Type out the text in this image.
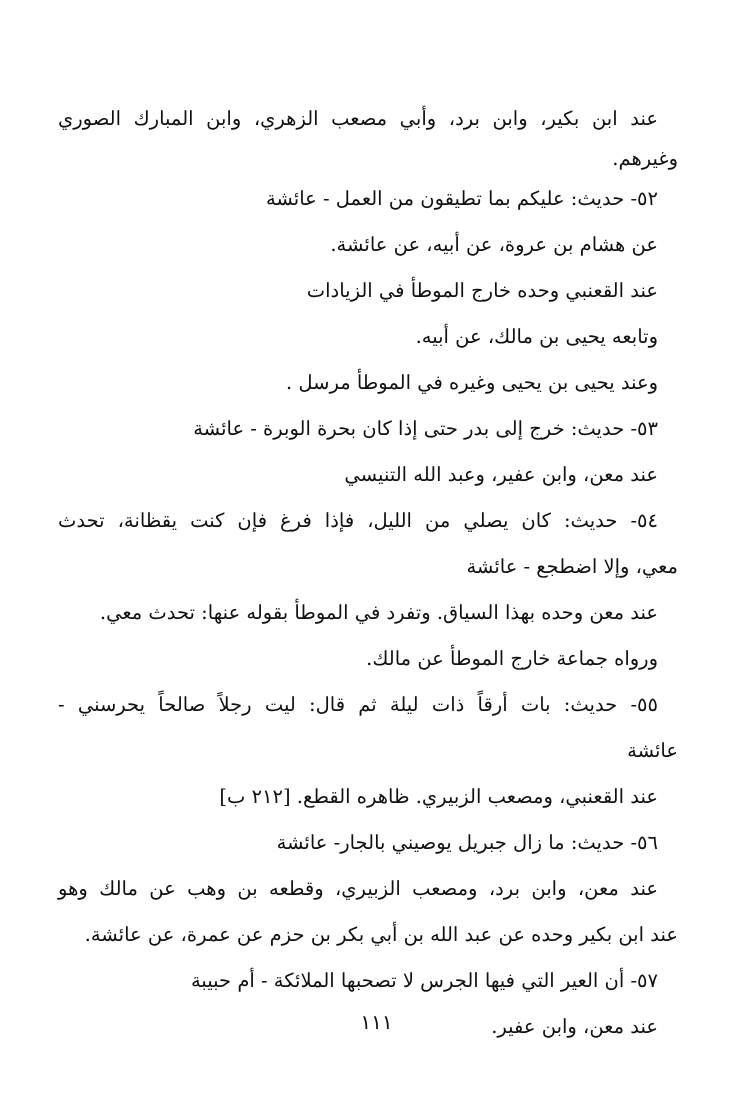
عند ابن بكير، وابن برد، وأبي مصعب الزهري، وابن المبارك الصوري
وغيرهم.
٥٢- حديث: عليكم بما تطيقون من العمل - عائشة
عن هشام بن عروة، عن أبيه، عن عائشة.
عند القعنبي وحده خارج الموطأ في الزيادات
وتابعه يحيى بن مالك، عن أبيه.
وعند يحيى بن يحيى وغيره في الموطأ مرسل .
٥٣- حديث: خرج إلى بدر حتى إذا كان بحرة الوبرة - عائشة
عند معن، وابن عفير، وعبد الله التنيسي
٥٤- حديث: كان يصلي من الليل، فإذا فرغ فإن كنت يقظانة، تحدث
معي، وإلا اضطجع - عائشة
عند معن وحده بهذا السياق. وتفرد في الموطأ بقوله عنها: تحدث معي.
ورواه جماعة خارج الموطأ عن مالك.
٥٥- حديث: بات أرقاً ذات ليلة ثم قال: ليت رجلاً صالحاً يحرسني -
عائشة
عند القعنبي، ومصعب الزبيري. ظاهره القطع. [٢١٢ ب]
٥٦- حديث: ما زال جبريل يوصيني بالجار- عائشة
عند معن، وابن برد، ومصعب الزبيري، وقطعه بن وهب عن مالك وهو
عند ابن بكير وحده عن عبد الله بن أبي بكر بن حزم عن عمرة، عن عائشة.
٥٧- أن العير التي فيها الجرس لا تصحبها الملائكة - أم حبيبة
عند معن، وابن عفير.
١١١
